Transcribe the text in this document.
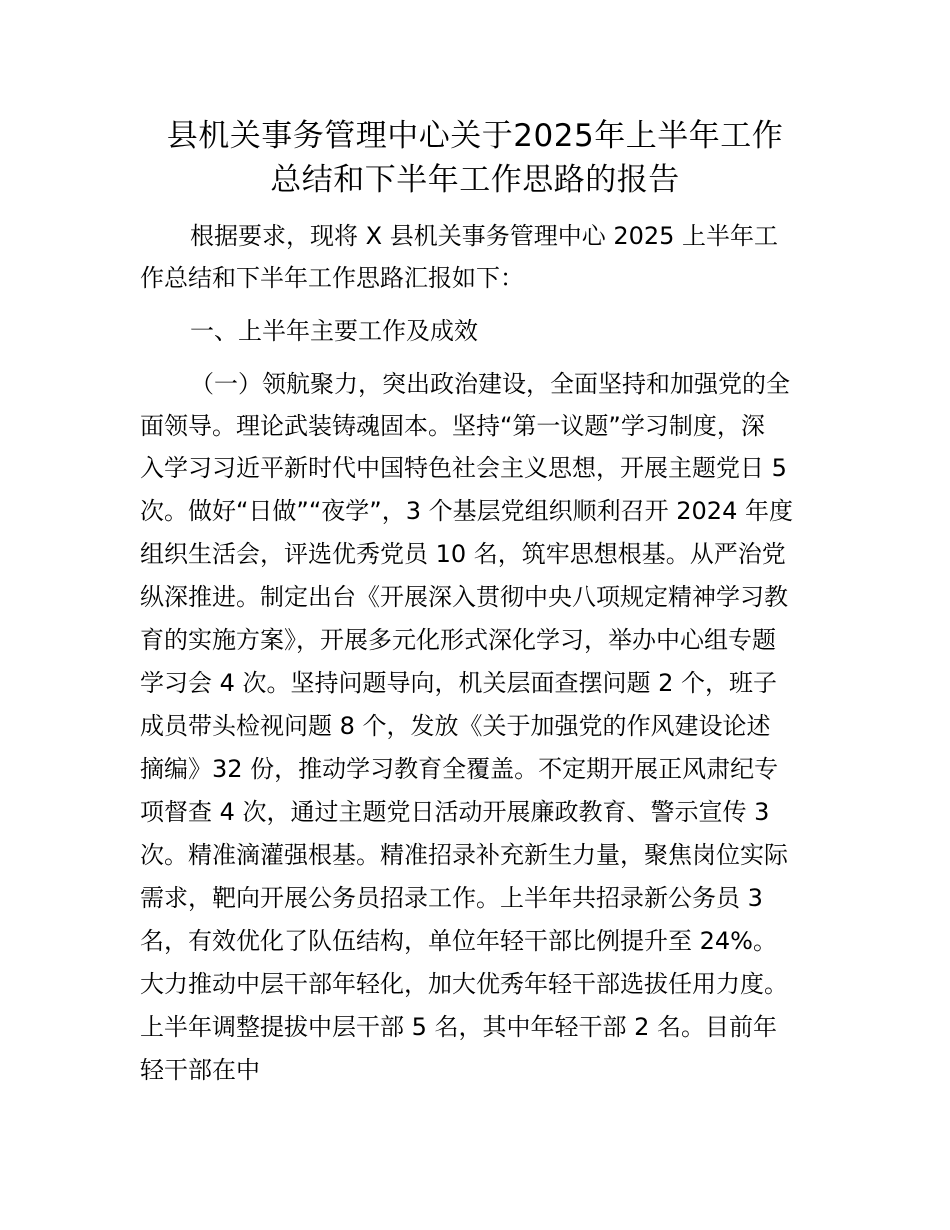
县机关事务管理中心关于2025年上半年工作
总结和下半年工作思路的报告

根据要求，现将 X 县机关事务管理中心 2025 上半年工

作总结和下半年工作思路汇报如下：

一、上半年主要工作及成效

（一）领航聚力，突出政治建设，全面坚持和加强党的全

面领导。理论武装铸魂固本。坚持“第一议题”学习制度，深

入学习习近平新时代中国特色社会主义思想，开展主题党日 5

次。做好“日做”“夜学”，3 个基层党组织顺利召开 2024 年度

组织生活会，评选优秀党员 10 名，筑牢思想根基。从严治党

纵深推进。制定出台《开展深入贯彻中央八项规定精神学习教

育的实施方案》，开展多元化形式深化学习，举办中心组专题

学习会 4 次。坚持问题导向，机关层面查摆问题 2 个，班子

成员带头检视问题 8 个，发放《关于加强党的作风建设论述

摘编》32 份，推动学习教育全覆盖。不定期开展正风肃纪专

项督查 4 次，通过主题党日活动开展廉政教育、警示宣传 3

次。精准滴灌强根基。精准招录补充新生力量，聚焦岗位实际

需求，靶向开展公务员招录工作。上半年共招录新公务员 3

名，有效优化了队伍结构，单位年轻干部比例提升至 24%。

大力推动中层干部年轻化，加大优秀年轻干部选拔任用力度。

上半年调整提拔中层干部 5 名，其中年轻干部 2 名。目前年

轻干部在中
